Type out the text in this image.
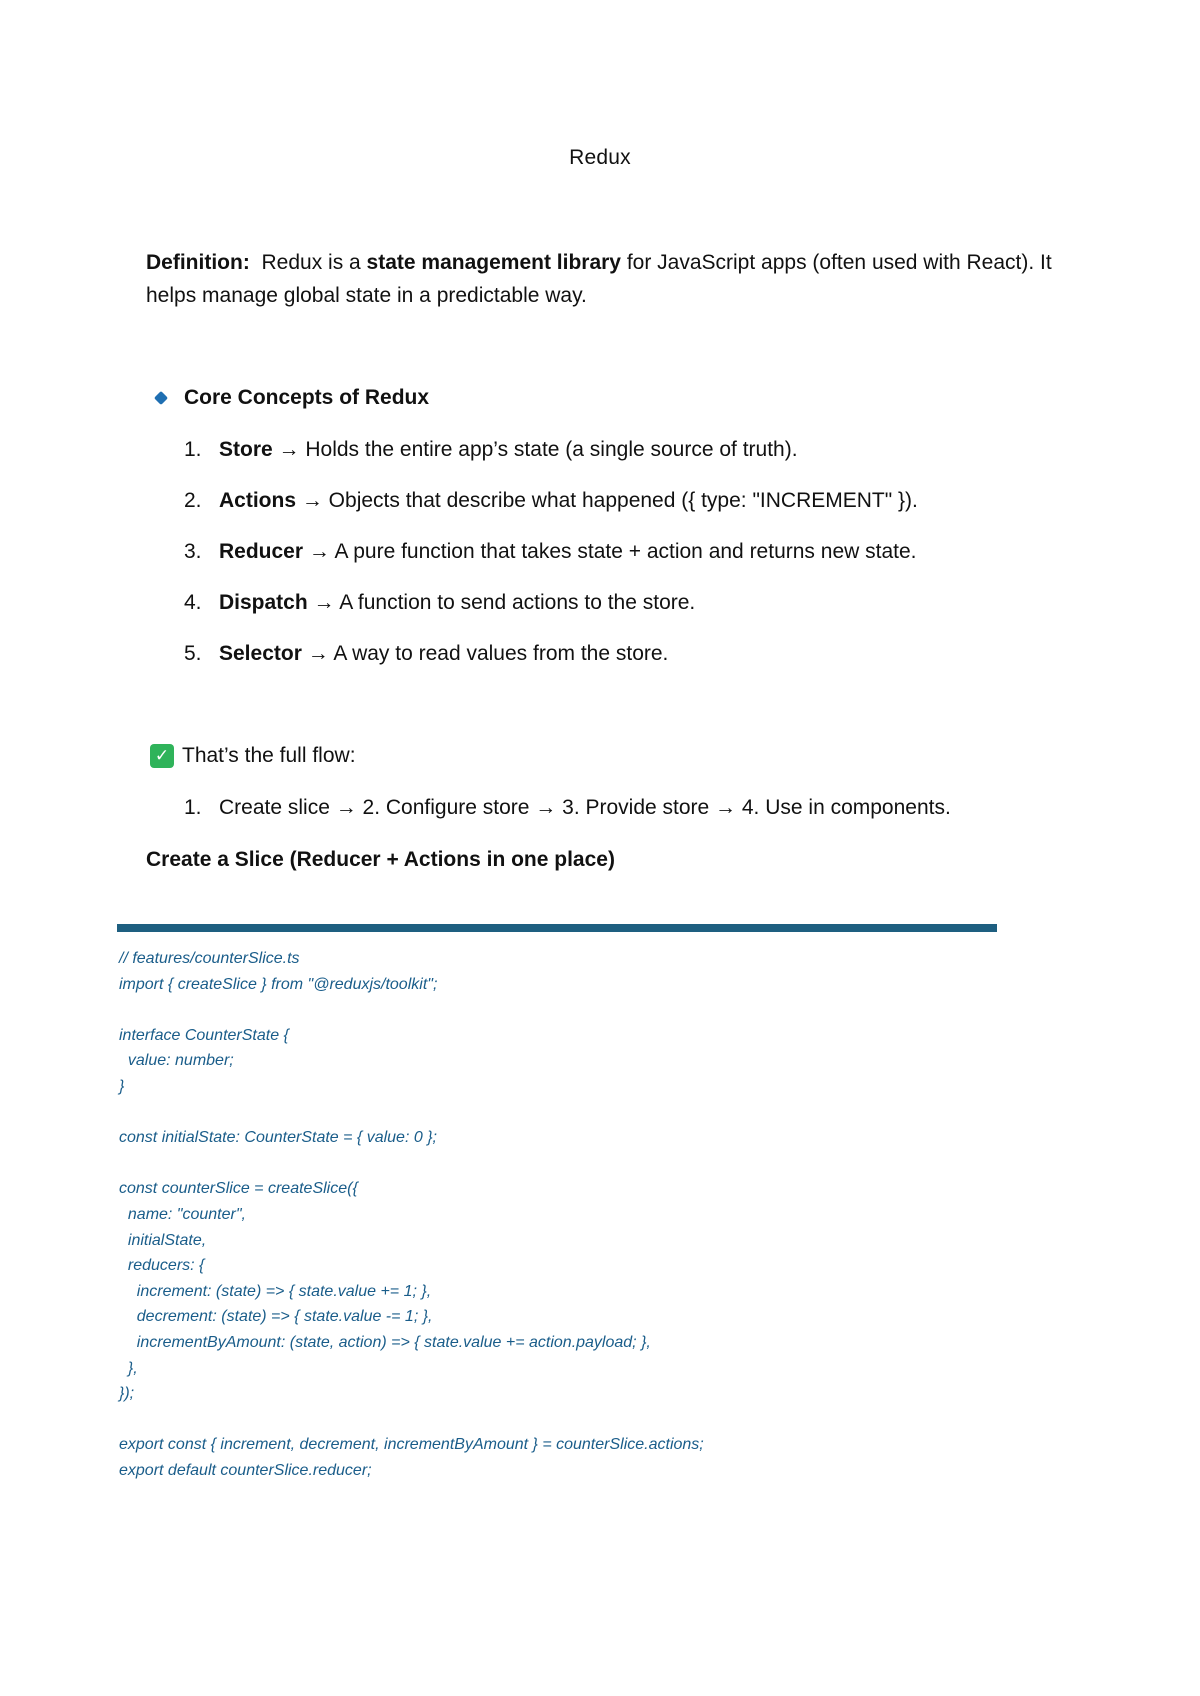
Redux
Definition: Redux is a state management library for JavaScript apps (often used with React). It helps manage global state in a predictable way.
Core Concepts of Redux
1. Store → Holds the entire app’s state (a single source of truth).
2. Actions → Objects that describe what happened ({ type: "INCREMENT" }).
3. Reducer → A pure function that takes state + action and returns new state.
4. Dispatch → A function to send actions to the store.
5. Selector → A way to read values from the store.
✓ That’s the full flow:
1. Create slice → 2. Configure store → 3. Provide store → 4. Use in components.
Create a Slice (Reducer + Actions in one place)
// features/counterSlice.ts
import { createSlice } from "@reduxjs/toolkit";

interface CounterState {
value: number;
}

const initialState: CounterState = { value: 0 };

const counterSlice = createSlice({
name: "counter",
initialState,
reducers: {
increment: (state) => { state.value += 1; },
decrement: (state) => { state.value -= 1; },
incrementByAmount: (state, action) => { state.value += action.payload; },
},
});

export const { increment, decrement, incrementByAmount } = counterSlice.actions;
export default counterSlice.reducer;
